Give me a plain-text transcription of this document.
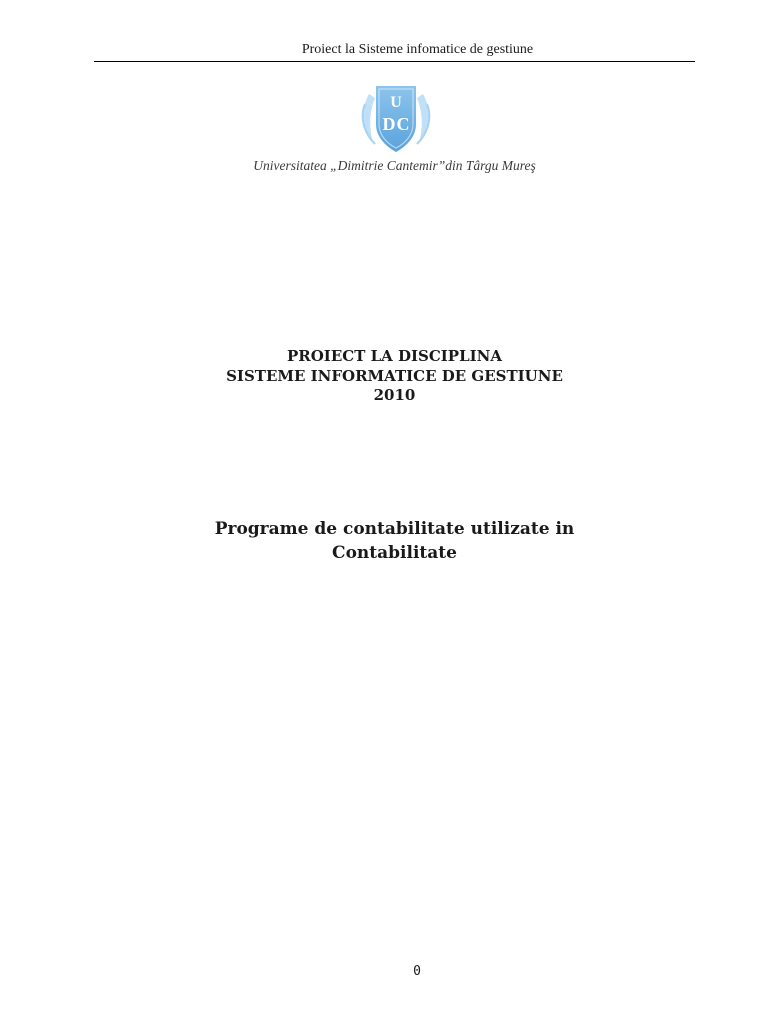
Proiect la Sisteme infomatice de gestiune
U
D C
Universitatea „Dimitrie Cantemir”din Târgu Mureş
PROIECT LA DISCIPLINA
SISTEME INFORMATICE DE GESTIUNE
2010
Programe de contabilitate utilizate in
Contabilitate
0
